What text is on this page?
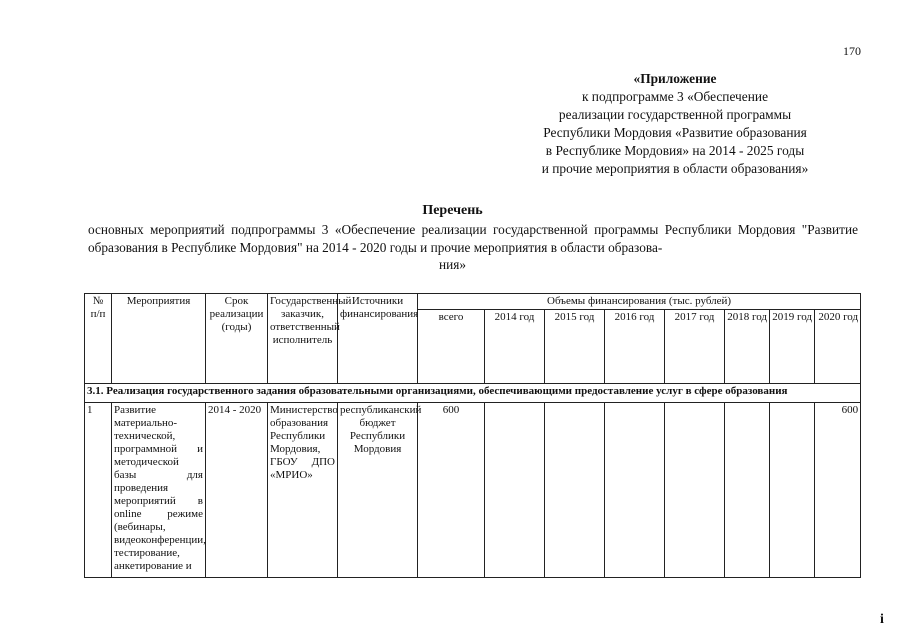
170
«Приложение
к подпрограмме 3 «Обеспечение
реализации государственной программы
Республики Мордовия «Развитие образования
в Республике Мордовия» на 2014 - 2025 годы
и прочие мероприятия в области образования»
Перечень
основных мероприятий подпрограммы 3 «Обеспечение реализации государственной программы Республики Мордовия "Развитие образования в Республике Мордовия" на 2014 - 2020 годы и прочие мероприятия в области образова-
ния»
№ п/п	Мероприятия	Срок реализации (годы)	Государственный заказчик, ответственный исполнитель	Источники финансирования	Объемы финансирования (тыс. рублей)							
					всего	2014 год	2015 год	2016 год	2017 год	2018 год	2019 год	2020 год
3.1. Реализация государственного задания образовательными организациями, обеспечивающими предоставление услуг в сфере образования												
1	Развитие материально-технической, программной и методической базы для проведения мероприятий в online режиме (вебинары, видеоконференции, тестирование, анкетирование и	2014 - 2020	Министерство образования Республики Мордовия, ГБОУ ДПО «МРИО»	республиканский бюджет Республики Мордовия	600							600
i
